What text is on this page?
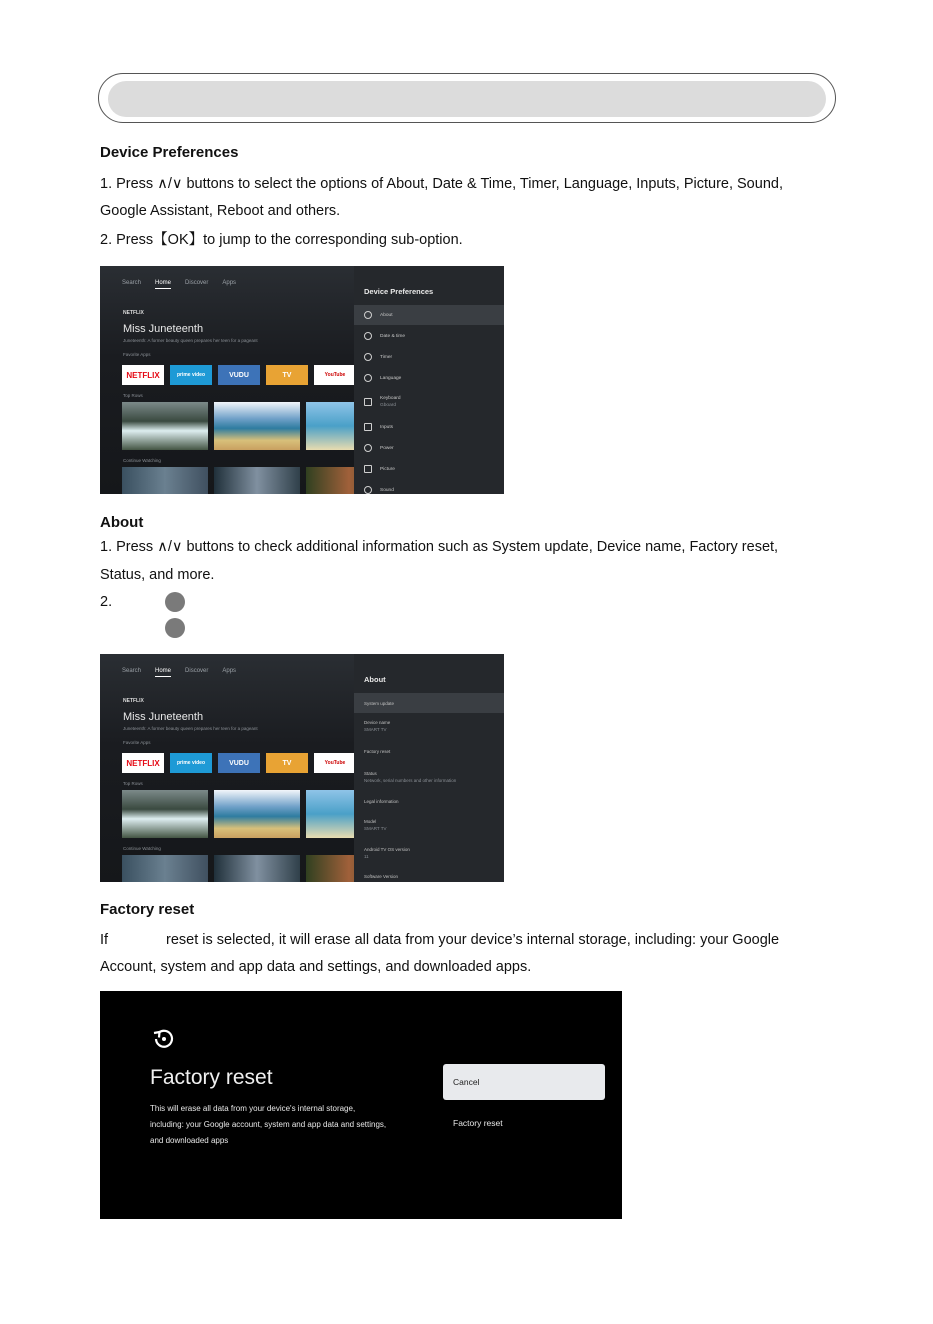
Device Preferences
1. Press ∧/∨ buttons to select the options of About, Date & Time, Timer, Language, Inputs, Picture, Sound,
Google Assistant, Reboot and others.
2. Press【OK】to jump to the corresponding sub-option.
Search Home Discover Apps
NETFLIX
Miss Juneteenth
Juneteenth: A former beauty queen prepares her teen for a pageant
Favorite Apps
NETFLIX	prime video	VUDU	TV	YouTube
Top Rows
Continue Watching
Device Preferences
About
Date & time
Timer
Language
Keyboard
Gboard
Inputs
Power
Picture
Sound
About
1. Press ∧/∨ buttons to check additional information such as System update, Device name, Factory reset,
Status, and more.
2.
Search Home Discover Apps
NETFLIX
Miss Juneteenth
Juneteenth: A former beauty queen prepares her teen for a pageant
Favorite Apps
NETFLIX	prime video	VUDU	TV	YouTube
Top Rows
Continue Watching
About
System update
Device name
SMART TV
Factory reset
Status
Network, serial numbers and other information
Legal information
Model
SMART TV
Android TV OS version
11
Software Version
Factory reset
If	reset is selected, it will erase all data from your device’s internal storage, including: your Google
Account, system and app data and settings, and downloaded apps.
Factory reset
This will erase all data from your device's internal storage, including: your Google account, system and app data and settings, and downloaded apps
Cancel
Factory reset
